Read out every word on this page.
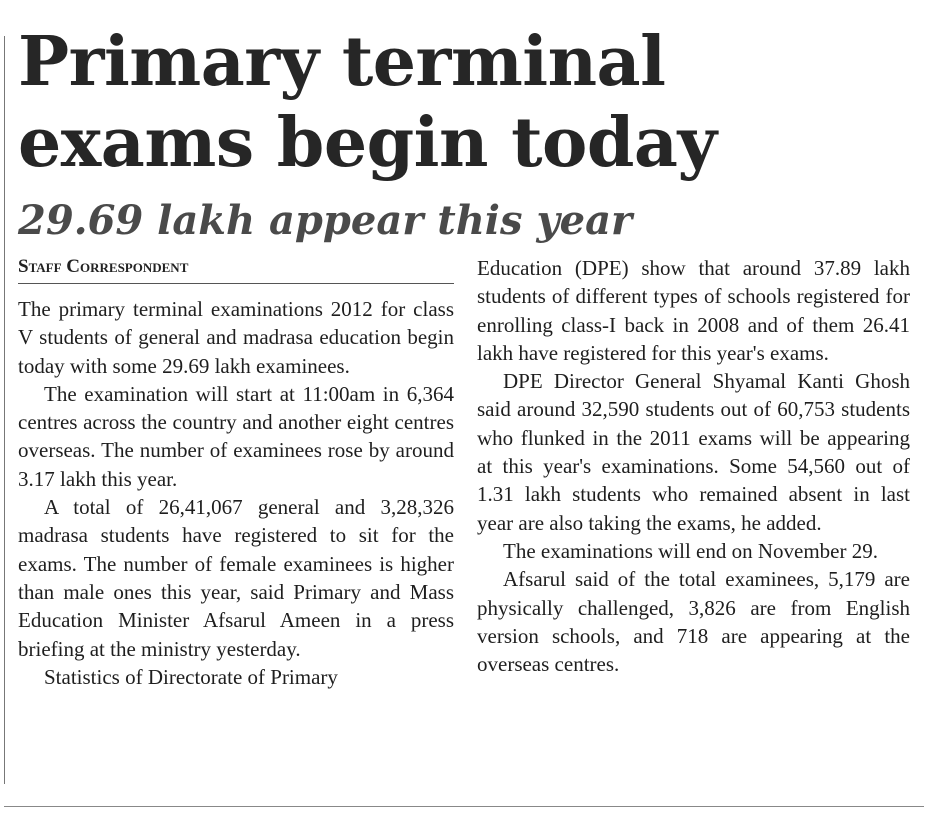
Primary terminal exams begin today
29.69 lakh appear this year
Staff Correspondent

The primary terminal examinations 2012 for class V students of general and madrasa education begin today with some 29.69 lakh examinees.

The examination will start at 11:00am in 6,364 centres across the country and another eight centres overseas. The number of examinees rose by around 3.17 lakh this year.

A total of 26,41,067 general and 3,28,326 madrasa students have registered to sit for the exams. The number of female examinees is higher than male ones this year, said Primary and Mass Education Minister Afsarul Ameen in a press briefing at the ministry yesterday.

Statistics of Directorate of Primary

Education (DPE) show that around 37.89 lakh students of different types of schools registered for enrolling class-I back in 2008 and of them 26.41 lakh have registered for this year's exams.

DPE Director General Shyamal Kanti Ghosh said around 32,590 students out of 60,753 students who flunked in the 2011 exams will be appearing at this year's examinations. Some 54,560 out of 1.31 lakh students who remained absent in last year are also taking the exams, he added.

The examinations will end on November 29.

Afsarul said of the total examinees, 5,179 are physically challenged, 3,826 are from English version schools, and 718 are appearing at the overseas centres.
